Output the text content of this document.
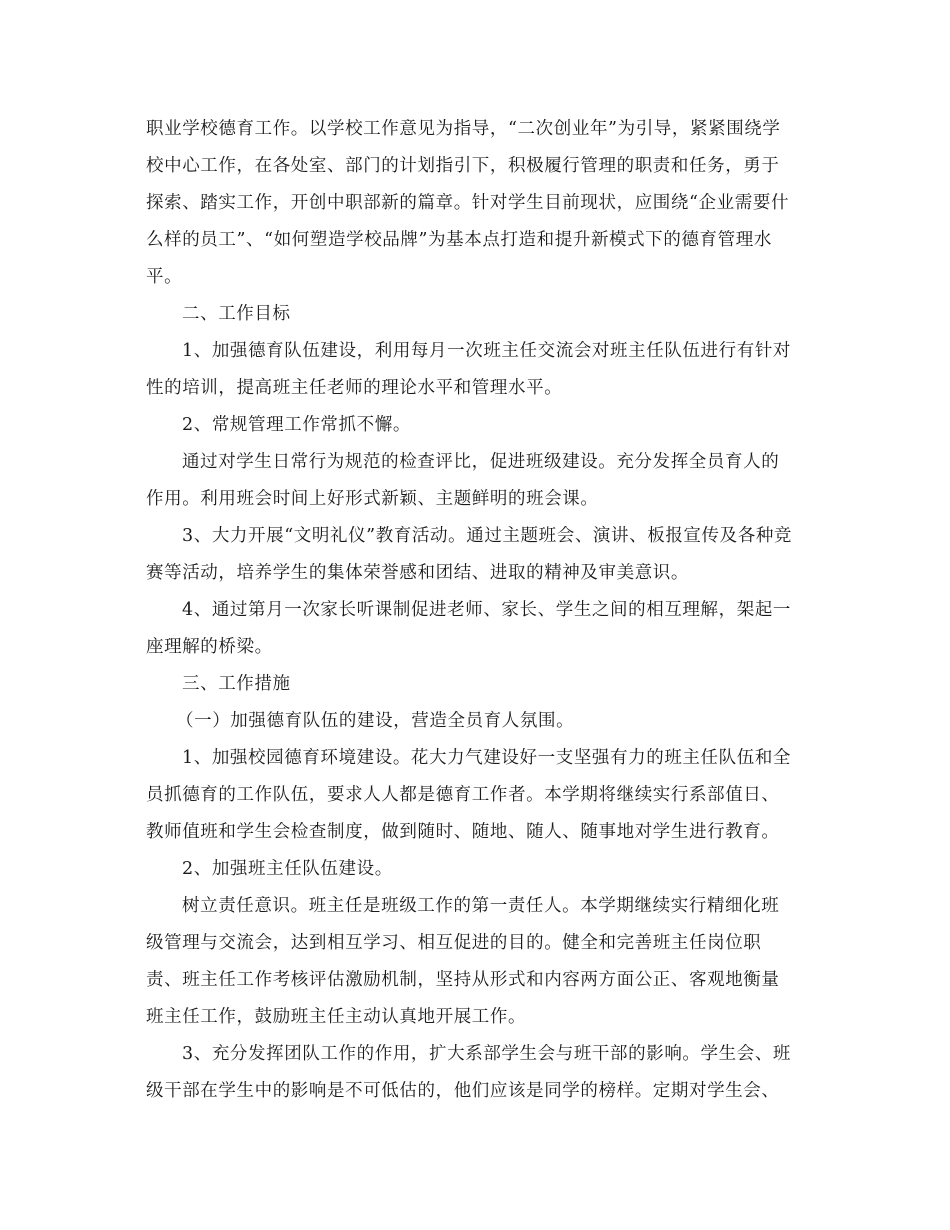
职业学校德育工作。以学校工作意见为指导，“二次创业年”为引导，紧紧围绕学
校中心工作，在各处室、部门的计划指引下，积极履行管理的职责和任务，勇于
探索、踏实工作，开创中职部新的篇章。针对学生目前现状，应围绕“企业需要什
么样的员工”、“如何塑造学校品牌”为基本点打造和提升新模式下的德育管理水
平。
二、工作目标
1、加强德育队伍建设，利用每月一次班主任交流会对班主任队伍进行有针对
性的培训，提高班主任老师的理论水平和管理水平。
2、常规管理工作常抓不懈。
通过对学生日常行为规范的检查评比，促进班级建设。充分发挥全员育人的
作用。利用班会时间上好形式新颖、主题鲜明的班会课。
3、大力开展“文明礼仪”教育活动。通过主题班会、演讲、板报宣传及各种竞
赛等活动，培养学生的集体荣誉感和团结、进取的精神及审美意识。
4、通过第月一次家长听课制促进老师、家长、学生之间的相互理解，架起一
座理解的桥梁。
三、工作措施
（一）加强德育队伍的建设，营造全员育人氛围。
1、加强校园德育环境建设。花大力气建设好一支坚强有力的班主任队伍和全
员抓德育的工作队伍，要求人人都是德育工作者。本学期将继续实行系部值日、
教师值班和学生会检查制度，做到随时、随地、随人、随事地对学生进行教育。
2、加强班主任队伍建设。
树立责任意识。班主任是班级工作的第一责任人。本学期继续实行精细化班
级管理与交流会，达到相互学习、相互促进的目的。健全和完善班主任岗位职
责、班主任工作考核评估激励机制，坚持从形式和内容两方面公正、客观地衡量
班主任工作，鼓励班主任主动认真地开展工作。
3、充分发挥团队工作的作用，扩大系部学生会与班干部的影响。学生会、班
级干部在学生中的影响是不可低估的，他们应该是同学的榜样。定期对学生会、
